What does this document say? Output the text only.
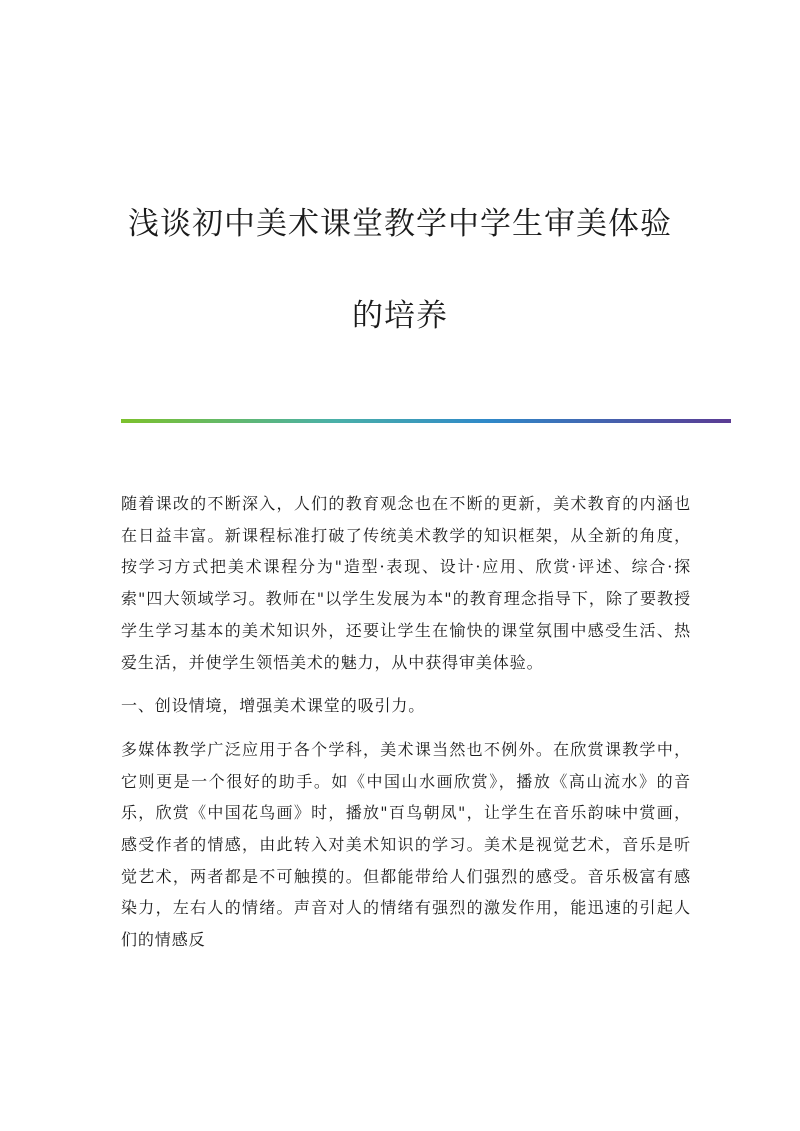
浅谈初中美术课堂教学中学生审美体验
的培养

随着课改的不断深入，人们的教育观念也在不断的更新，美术教育的内涵也在日益丰富。新课程标准打破了传统美术教学的知识框架，从全新的角度，按学习方式把美术课程分为"造型·表现、设计·应用、欣赏·评述、综合·探索"四大领域学习。教师在"以学生发展为本"的教育理念指导下，除了要教授学生学习基本的美术知识外，还要让学生在愉快的课堂氛围中感受生活、热爱生活，并使学生领悟美术的魅力，从中获得审美体验。

一、创设情境，增强美术课堂的吸引力。

多媒体教学广泛应用于各个学科，美术课当然也不例外。在欣赏课教学中，它则更是一个很好的助手。如《中国山水画欣赏》，播放《高山流水》的音乐，欣赏《中国花鸟画》时，播放"百鸟朝凤"，让学生在音乐韵味中赏画，感受作者的情感，由此转入对美术知识的学习。美术是视觉艺术，音乐是听觉艺术，两者都是不可触摸的。但都能带给人们强烈的感受。音乐极富有感染力，左右人的情绪。声音对人的情绪有强烈的激发作用，能迅速的引起人们的情感反
